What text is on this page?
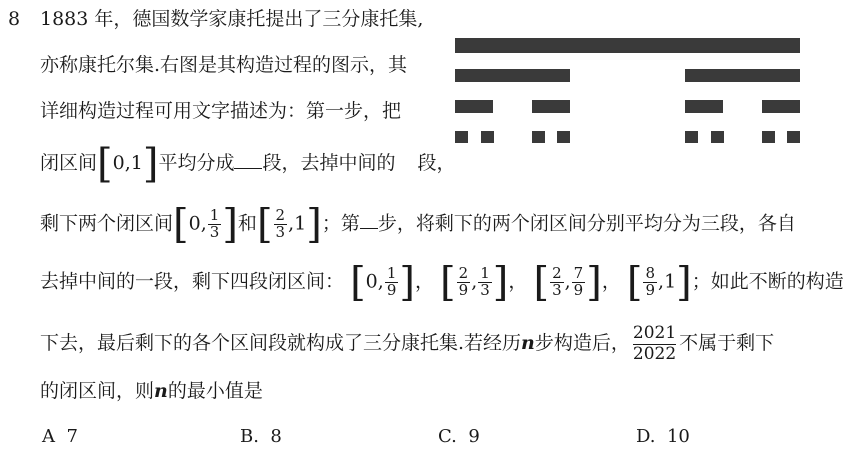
8 1883 年，德国数学家康托提出了三分康托集,
亦称康托尔集.右图是其构造过程的图示，其
详细构造过程可用文字描述为：第一步，把
闭区间[0,1]平均分成 段，去掉中间的 段，
剩下两个闭区间[0, $\frac{1}{3}$ ]和[ $\frac{2}{3} ,1$]；第 步，将剩下的两个闭区间分别平均分为三段，各自
去掉中间的一段，剩下四段闭区间： [0, $\frac{1}{9}$ ]， [ $\frac{2}{9}$ , $\frac{1}{3}$ ]， [ $\frac{2}{3}$ , $\frac{7}{9}$ ]， [ $\frac{8}{9} ,1$]；如此不断的构造
下去，最后剩下的各个区间段就构成了三分康托集.若经历n步构造后， $\frac{2021}{2022}$ 不属于剩下
的闭区间，则n的最小值是
A 7	B. 8	C. 9	D. 10
